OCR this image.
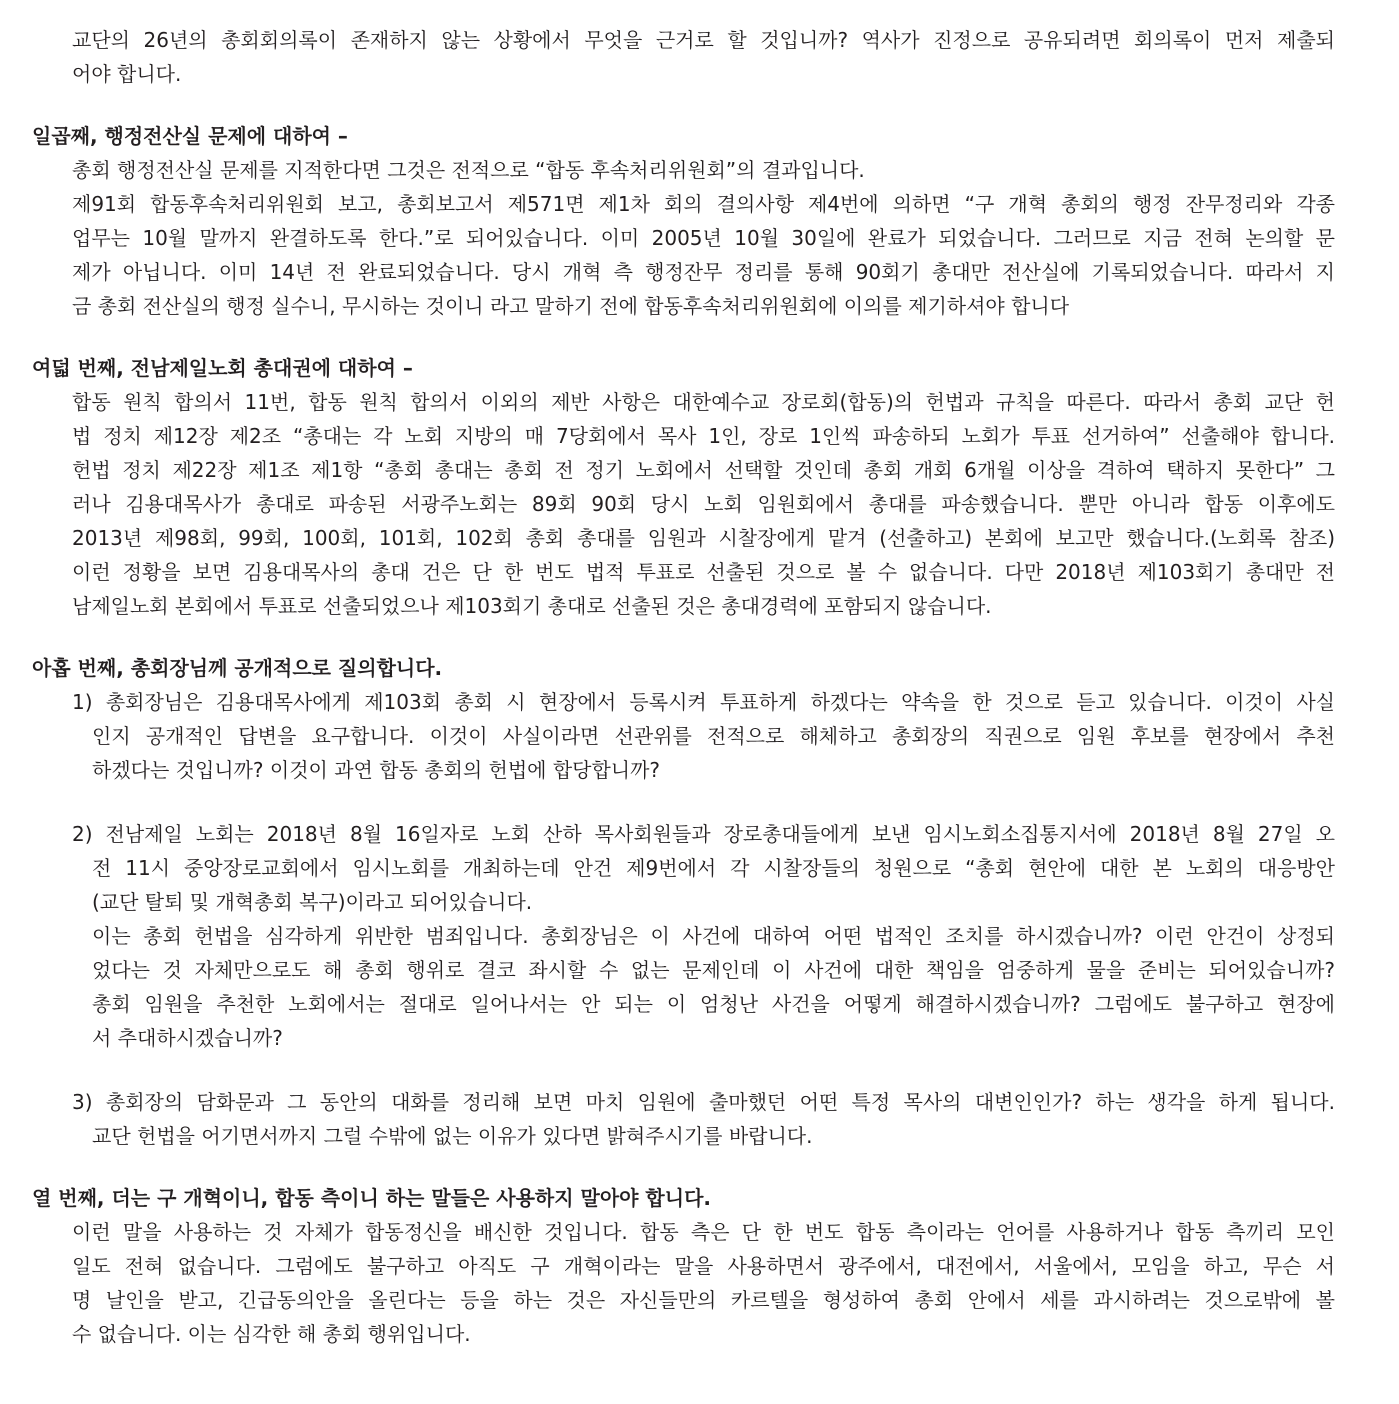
교단의 26년의 총회회의록이 존재하지 않는 상황에서 무엇을 근거로 할 것입니까? 역사가 진정으로 공유되려면 회의록이 먼저 제출되
어야 합니다.
일곱째, 행정전산실 문제에 대하여 –
총회 행정전산실 문제를 지적한다면 그것은 전적으로 “합동 후속처리위원회”의 결과입니다.
제91회 합동후속처리위원회 보고, 총회보고서 제571면 제1차 회의 결의사항 제4번에 의하면 “구 개혁 총회의 행정 잔무정리와 각종
업무는 10월 말까지 완결하도록 한다.”로 되어있습니다. 이미 2005년 10월 30일에 완료가 되었습니다. 그러므로 지금 전혀 논의할 문
제가 아닙니다. 이미 14년 전 완료되었습니다. 당시 개혁 측 행정잔무 정리를 통해 90회기 총대만 전산실에 기록되었습니다. 따라서 지
금 총회 전산실의 행정 실수니, 무시하는 것이니 라고 말하기 전에 합동후속처리위원회에 이의를 제기하셔야 합니다
여덟 번째, 전남제일노회 총대권에 대하여 –
합동 원칙 합의서 11번, 합동 원칙 합의서 이외의 제반 사항은 대한예수교 장로회(합동)의 헌법과 규칙을 따른다. 따라서 총회 교단 헌
법 정치 제12장 제2조 “총대는 각 노회 지방의 매 7당회에서 목사 1인, 장로 1인씩 파송하되 노회가 투표 선거하여” 선출해야 합니다.
헌법 정치 제22장 제1조 제1항 “총회 총대는 총회 전 정기 노회에서 선택할 것인데 총회 개회 6개월 이상을 격하여 택하지 못한다” 그
러나 김용대목사가 총대로 파송된 서광주노회는 89회 90회 당시 노회 임원회에서 총대를 파송했습니다. 뿐만 아니라 합동 이후에도
2013년 제98회, 99회, 100회, 101회, 102회 총회 총대를 임원과 시찰장에게 맡겨 (선출하고) 본회에 보고만 했습니다.(노회록 참조)
이런 정황을 보면 김용대목사의 총대 건은 단 한 번도 법적 투표로 선출된 것으로 볼 수 없습니다. 다만 2018년 제103회기 총대만 전
남제일노회 본회에서 투표로 선출되었으나 제103회기 총대로 선출된 것은 총대경력에 포함되지 않습니다.
아홉 번째, 총회장님께 공개적으로 질의합니다.
1) 총회장님은 김용대목사에게 제103회 총회 시 현장에서 등록시켜 투표하게 하겠다는 약속을 한 것으로 듣고 있습니다. 이것이 사실
인지 공개적인 답변을 요구합니다. 이것이 사실이라면 선관위를 전적으로 해체하고 총회장의 직권으로 임원 후보를 현장에서 추천
하겠다는 것입니까? 이것이 과연 합동 총회의 헌법에 합당합니까?
2) 전남제일 노회는 2018년 8월 16일자로 노회 산하 목사회원들과 장로총대들에게 보낸 임시노회소집통지서에 2018년 8월 27일 오
전 11시 중앙장로교회에서 임시노회를 개최하는데 안건 제9번에서 각 시찰장들의 청원으로 “총회 현안에 대한 본 노회의 대응방안
(교단 탈퇴 및 개혁총회 복구)이라고 되어있습니다.
이는 총회 헌법을 심각하게 위반한 범죄입니다. 총회장님은 이 사건에 대하여 어떤 법적인 조치를 하시겠습니까? 이런 안건이 상정되
었다는 것 자체만으로도 해 총회 행위로 결코 좌시할 수 없는 문제인데 이 사건에 대한 책임을 엄중하게 물을 준비는 되어있습니까?
총회 임원을 추천한 노회에서는 절대로 일어나서는 안 되는 이 엄청난 사건을 어떻게 해결하시겠습니까? 그럼에도 불구하고 현장에
서 추대하시겠습니까?
3) 총회장의 담화문과 그 동안의 대화를 정리해 보면 마치 임원에 출마했던 어떤 특정 목사의 대변인인가? 하는 생각을 하게 됩니다.
교단 헌법을 어기면서까지 그럴 수밖에 없는 이유가 있다면 밝혀주시기를 바랍니다.
열 번째, 더는 구 개혁이니, 합동 측이니 하는 말들은 사용하지 말아야 합니다.
이런 말을 사용하는 것 자체가 합동정신을 배신한 것입니다. 합동 측은 단 한 번도 합동 측이라는 언어를 사용하거나 합동 측끼리 모인
일도 전혀 없습니다. 그럼에도 불구하고 아직도 구 개혁이라는 말을 사용하면서 광주에서, 대전에서, 서울에서, 모임을 하고, 무슨 서
명 날인을 받고, 긴급동의안을 올린다는 등을 하는 것은 자신들만의 카르텔을 형성하여 총회 안에서 세를 과시하려는 것으로밖에 볼
수 없습니다. 이는 심각한 해 총회 행위입니다.
